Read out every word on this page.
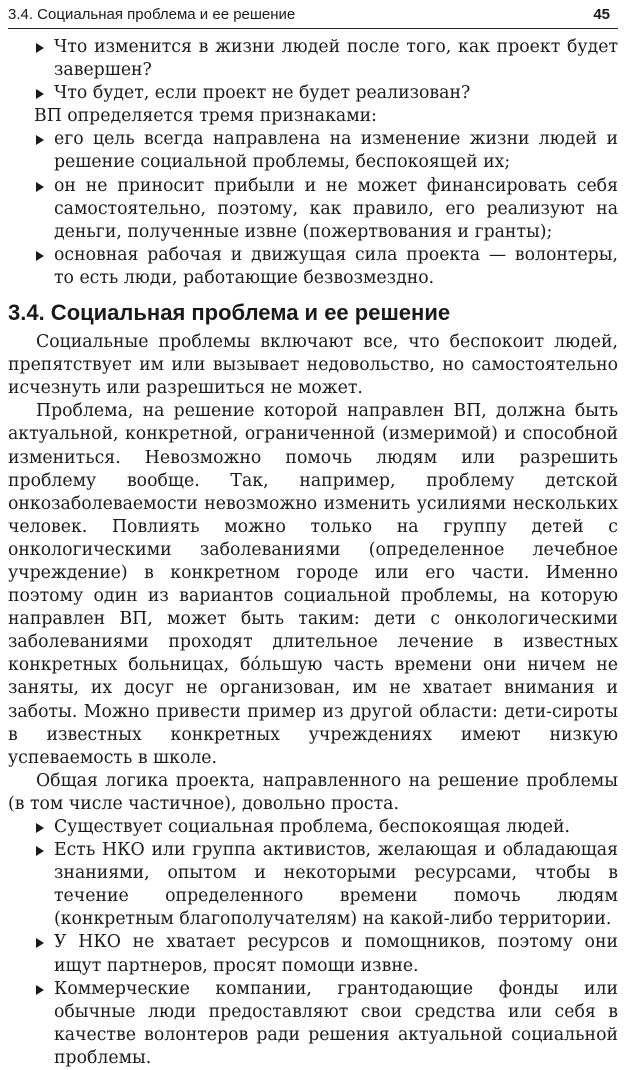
3.4. Социальная проблема и ее решение	45
Что изменится в жизни людей после того, как проект будет завершен?
Что будет, если проект не будет реализован?

ВП определяется тремя признаками:

его цель всегда направлена на изменение жизни людей и решение социальной проблемы, беспокоящей их;
он не приносит прибыли и не может финансировать себя самостоятельно, поэтому, как правило, его реализуют на деньги, полученные извне (пожертвования и гранты);
основная рабочая и движущая сила проекта — волонтеры, то есть люди, работающие безвозмездно.
3.4. Социальная проблема и ее решение

Социальные проблемы включают все, что беспокоит людей, препятствует им или вызывает недовольство, но самостоятельно исчезнуть или разрешиться не может.

Проблема, на решение которой направлен ВП, должна быть актуальной, конкретной, ограниченной (измеримой) и способной измениться. Невозможно помочь людям или разрешить проблему вообще. Так, например, проблему детской онкозаболеваемости невозможно изменить усилиями нескольких человек. Повлиять можно только на группу детей с онкологическими заболеваниями (определенное лечебное учреждение) в конкретном городе или его части. Именно поэтому один из вариантов социальной проблемы, на которую направлен ВП, может быть таким: дети с онкологическими заболеваниями проходят длительное лечение в известных конкретных больницах, бóльшую часть времени они ничем не заняты, их досуг не организован, им не хватает внимания и заботы. Можно привести пример из другой области: дети-сироты в известных конкретных учреждениях имеют низкую успеваемость в школе.

Общая логика проекта, направленного на решение проблемы (в том числе частичное), довольно проста.

Существует социальная проблема, беспокоящая людей.
Есть НКО или группа активистов, желающая и обладающая знаниями, опытом и некоторыми ресурсами, чтобы в течение определенного времени помочь людям (конкретным благополучателям) на какой-либо территории.
У НКО не хватает ресурсов и помощников, поэтому они ищут партнеров, просят помощи извне.
Коммерческие компании, грантодающие фонды или обычные люди предоставляют свои средства или себя в качестве волонтеров ради решения актуальной социальной проблемы.
